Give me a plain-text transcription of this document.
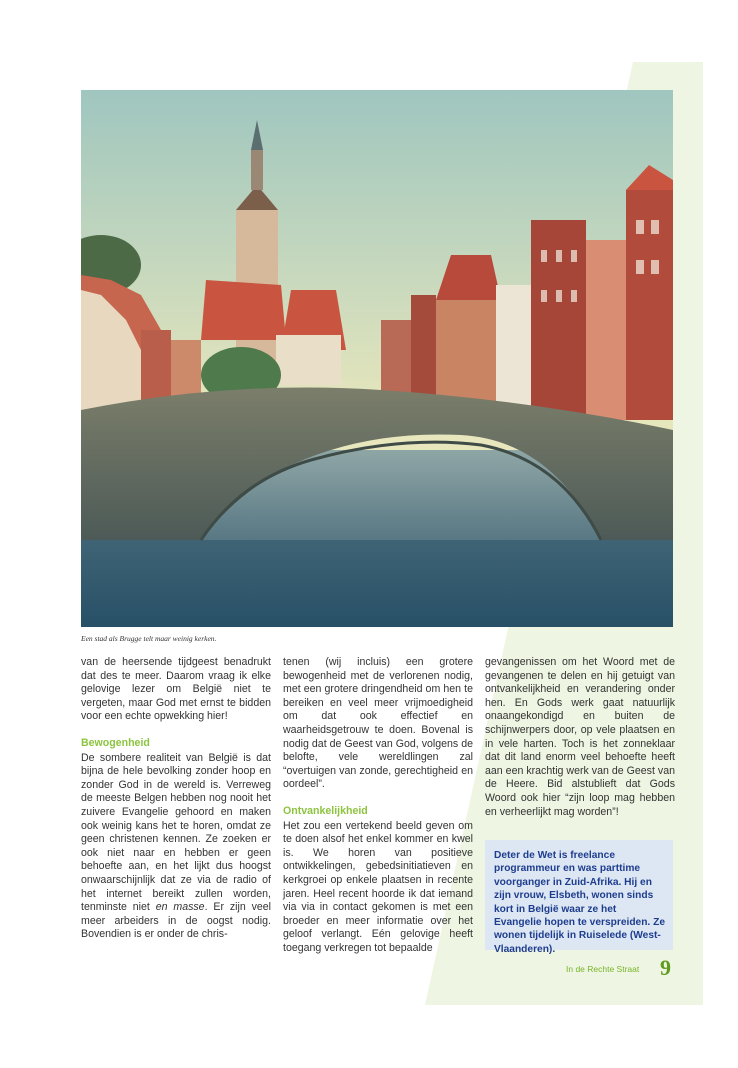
Een stad als Brugge telt maar weinig kerken.

van de heersende tijdgeest benadrukt dat des te meer. Daarom vraag ik elke gelovige lezer om België niet te vergeten, maar God met ernst te bidden voor een echte opwekking hier!

Bewogenheid

De sombere realiteit van België is dat bijna de hele bevolking zonder hoop en zonder God in de wereld is. Verreweg de meeste Belgen hebben nog nooit het zuivere Evangelie gehoord en maken ook weinig kans het te horen, omdat ze geen christenen kennen. Ze zoeken er ook niet naar en hebben er geen behoefte aan, en het lijkt dus hoogst onwaarschijnlijk dat ze via de radio of het internet bereikt zullen worden, tenminste niet en masse. Er zijn veel meer arbeiders in de oogst nodig. Bovendien is er onder de chris-

tenen (wij incluis) een grotere bewogenheid met de verlorenen nodig, met een grotere dringendheid om hen te bereiken en veel meer vrijmoedigheid om dat ook effectief en waarheidsgetrouw te doen. Bovenal is nodig dat de Geest van God, volgens de belofte, vele wereldlingen zal “overtuigen van zonde, gerechtigheid en oordeel”.

Ontvankelijkheid

Het zou een vertekend beeld geven om te doen alsof het enkel kommer en kwel is. We horen van positieve ontwikkelingen, gebedsinitiatieven en kerkgroei op enkele plaatsen in recente jaren. Heel recent hoorde ik dat iemand via via in contact gekomen is met een broeder en meer informatie over het geloof verlangt. Eén gelovige heeft toegang verkregen tot bepaalde

gevangenissen om het Woord met de gevangenen te delen en hij getuigt van ontvankelijkheid en verandering onder hen. En Gods werk gaat natuurlijk onaangekondigd en buiten de schijnwerpers door, op vele plaatsen en in vele harten. Toch is het zonneklaar dat dit land enorm veel behoefte heeft aan een krachtig werk van de Geest van de Heere. Bid alstublieft dat Gods Woord ook hier “zijn loop mag hebben en verheerlijkt mag worden”!

Deter de Wet is freelance programmeur en was parttime voorganger in Zuid-Afrika. Hij en zijn vrouw, Elsbeth, wonen sinds kort in België waar ze het Evangelie hopen te verspreiden. Ze wonen tijdelijk in Ruiselede (West-Vlaanderen).

In de Rechte Straat 9
